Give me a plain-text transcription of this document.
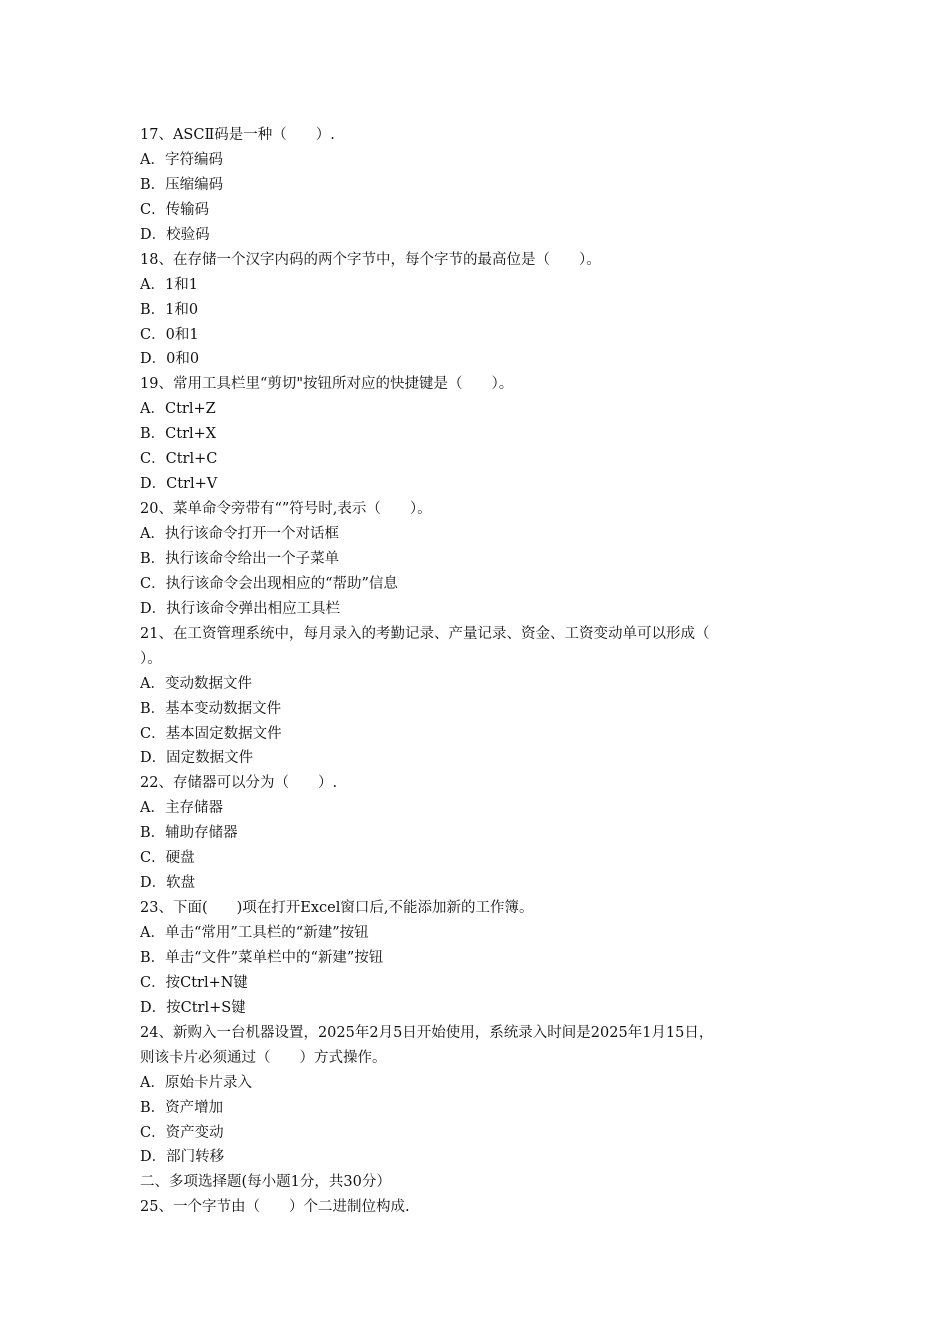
17、ASCⅡ码是一种（　　）.
A．字符编码
B．压缩编码
C．传输码
D．校验码
18、在存储一个汉字内码的两个字节中，每个字节的最高位是（　　）。
A．1和1
B．1和0
C．0和1
D．0和0
19、常用工具栏里“剪切"按钮所对应的快捷键是（　　）。
A．Ctrl+Z
B．Ctrl+X
C．Ctrl+C
D．Ctrl+V
20、菜单命令旁带有“”符号时,表示（　　）。
A．执行该命令打开一个对话框
B．执行该命令给出一个子菜单
C．执行该命令会出现相应的“帮助”信息
D．执行该命令弹出相应工具栏
21、在工资管理系统中，每月录入的考勤记录、产量记录、资金、工资变动单可以形成（
）。
A．变动数据文件
B．基本变动数据文件
C．基本固定数据文件
D．固定数据文件
22、存储器可以分为（　　）.
A．主存储器
B．辅助存储器
C．硬盘
D．软盘
23、下面(　　)项在打开Excel窗口后,不能添加新的工作簿。
A．单击“常用”工具栏的“新建”按钮
B．单击“文件”菜单栏中的“新建”按钮
C．按Ctrl+N键
D．按Ctrl+S键
24、新购入一台机器设置，2025年2月5日开始使用，系统录入时间是2025年1月15日，
则该卡片必须通过（　　）方式操作。
A．原始卡片录入
B．资产增加
C．资产变动
D．部门转移
二、多项选择题(每小题1分，共30分）
25、一个字节由（　　）个二进制位构成.
